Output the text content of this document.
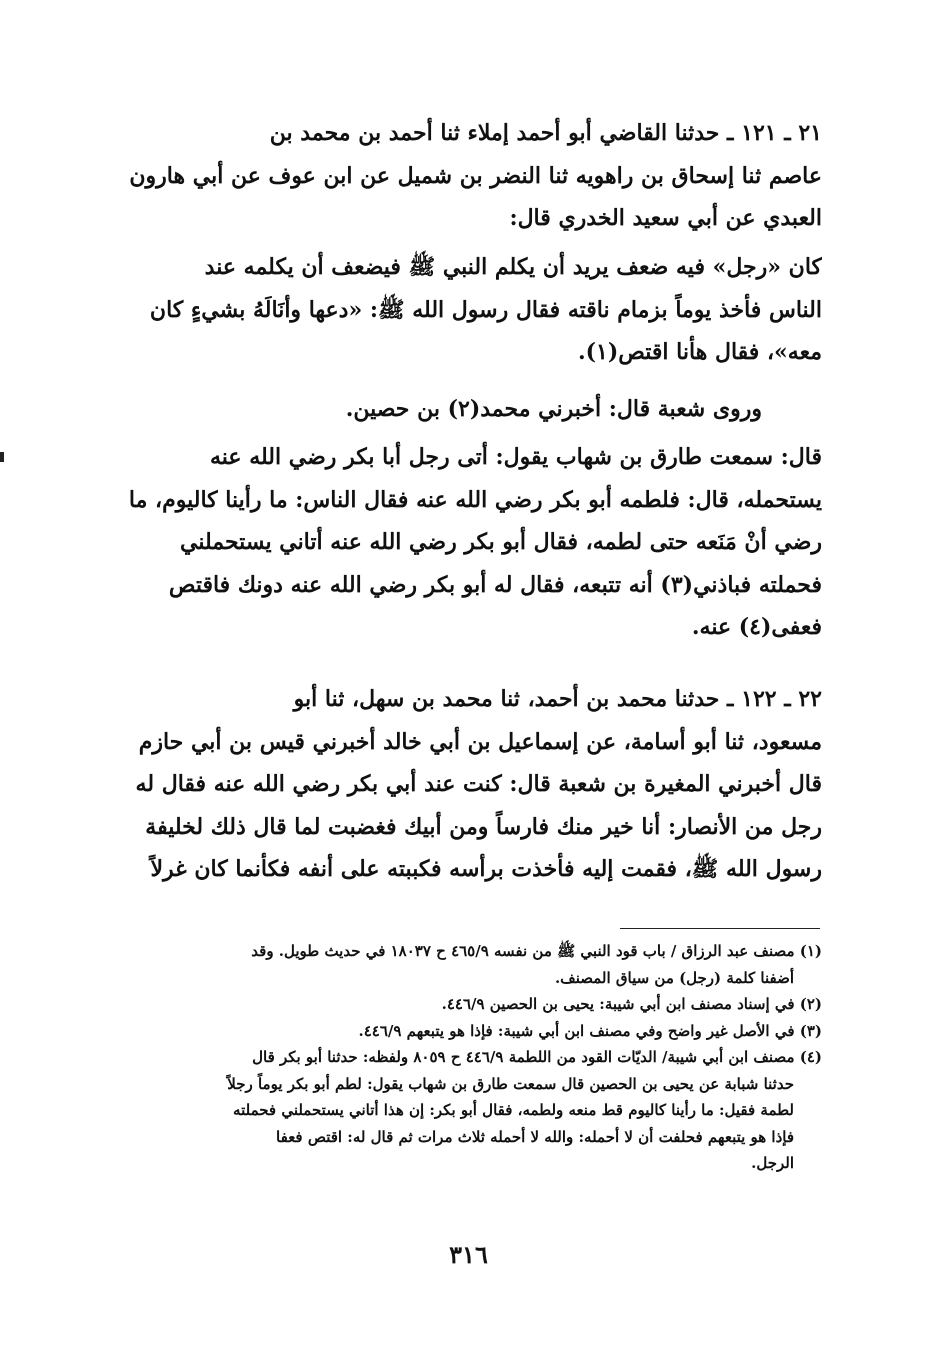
٢١ ـ ١٢١ ـ حدثنا القاضي أبو أحمد إملاء ثنا أحمد بن محمد بن
عاصم ثنا إسحاق بن راهويه ثنا النضر بن شميل عن ابن عوف عن أبي هارون
العبدي عن أبي سعيد الخدري قال:
كان «رجل» فيه ضعف يريد أن يكلم النبي ﷺ فيضعف أن يكلمه عند
الناس فأخذ يوماً بزمام ناقته فقال رسول الله ﷺ: «دعها وأنَالَهُ بشيءٍ كان
معه»، فقال هأنا اقتص(١).
وروى شعبة قال: أخبرني محمد(٢) بن حصين.
قال: سمعت طارق بن شهاب يقول: أتى رجل أبا بكر رضي الله عنه
يستحمله، قال: فلطمه أبو بكر رضي الله عنه فقال الناس: ما رأينا كاليوم، ما
رضي أنْ مَنَعه حتى لطمه، فقال أبو بكر رضي الله عنه أتاني يستحملني
فحملته فباذني(٣) أنه تتبعه، فقال له أبو بكر رضي الله عنه دونك فاقتص
فعفى(٤) عنه.
٢٢ ـ ١٢٢ ـ حدثنا محمد بن أحمد، ثنا محمد بن سهل، ثنا أبو
مسعود، ثنا أبو أسامة، عن إسماعيل بن أبي خالد أخبرني قيس بن أبي حازم
قال أخبرني المغيرة بن شعبة قال: كنت عند أبي بكر رضي الله عنه فقال له
رجل من الأنصار: أنا خير منك فارساً ومن أبيك فغضبت لما قال ذلك لخليفة
رسول الله ﷺ، فقمت إليه فأخذت برأسه فكببته على أنفه فكأنما كان غرلاً
(١) مصنف عبد الرزاق / باب قود النبي ﷺ من نفسه ٤٦٥/٩ ح ١٨٠٣٧ في حديث طويل. وقد
أضفنا كلمة (رجل) من سياق المصنف.
(٢) في إسناد مصنف ابن أبي شيبة: يحيى بن الحصين ٤٤٦/٩.
(٣) في الأصل غير واضح وفي مصنف ابن أبي شيبة: فإذا هو يتبعهم ٤٤٦/٩.
(٤) مصنف ابن أبي شيبة/ الديّات القود من اللطمة ٤٤٦/٩ ح ٨٠٥٩ ولفظه: حدثنا أبو بكر قال
حدثنا شبابة عن يحيى بن الحصين قال سمعت طارق بن شهاب يقول: لطم أبو بكر يوماً رجلاً
لطمة فقيل: ما رأينا كاليوم قط منعه ولطمه، فقال أبو بكر: إن هذا أتاني يستحملني فحملته
فإذا هو يتبعهم فحلفت أن لا أحمله: والله لا أحمله ثلاث مرات ثم قال له: اقتص فعفا
الرجل.
٣١٦
